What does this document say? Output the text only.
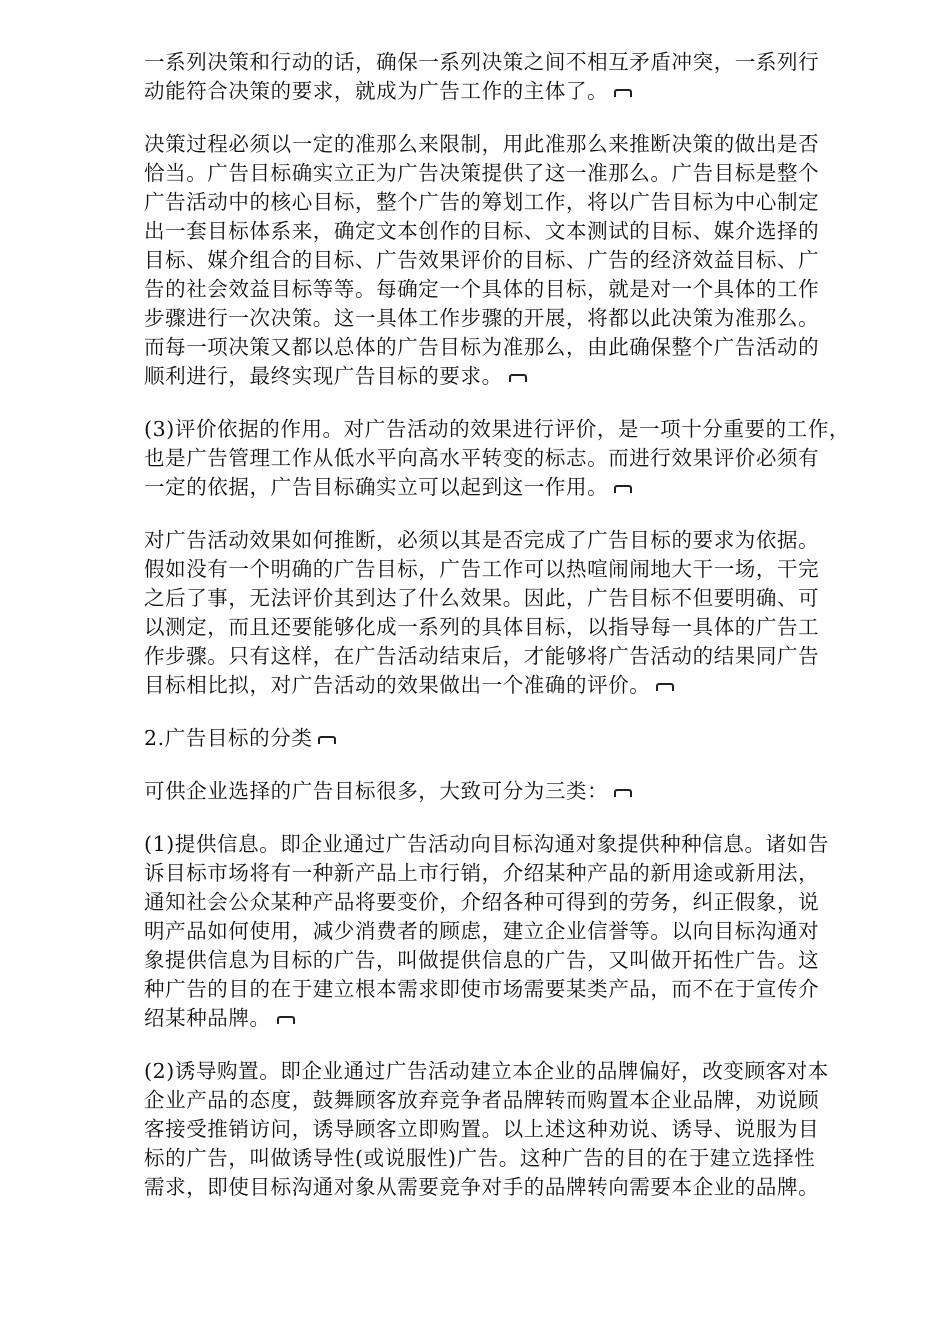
一系列决策和行动的话，确保一系列决策之间不相互矛盾冲突，一系列行
动能符合决策的要求，就成为广告工作的主体了。

决策过程必须以一定的准那么来限制，用此准那么来推断决策的做出是否
恰当。广告目标确实立正为广告决策提供了这一准那么。广告目标是整个
广告活动中的核心目标，整个广告的筹划工作，将以广告目标为中心制定
出一套目标体系来，确定文本创作的目标、文本测试的目标、媒介选择的
目标、媒介组合的目标、广告效果评价的目标、广告的经济效益目标、广
告的社会效益目标等等。每确定一个具体的目标，就是对一个具体的工作
步骤进行一次决策。这一具体工作步骤的开展，将都以此决策为准那么。
而每一项决策又都以总体的广告目标为准那么，由此确保整个广告活动的
顺利进行，最终实现广告目标的要求。

(3)评价依据的作用。对广告活动的效果进行评价，是一项十分重要的工作，
也是广告管理工作从低水平向高水平转变的标志。而进行效果评价必须有
一定的依据，广告目标确实立可以起到这一作用。

对广告活动效果如何推断，必须以其是否完成了广告目标的要求为依据。
假如没有一个明确的广告目标，广告工作可以热喧闹闹地大干一场，干完
之后了事，无法评价其到达了什么效果。因此，广告目标不但要明确、可
以测定，而且还要能够化成一系列的具体目标，以指导每一具体的广告工
作步骤。只有这样，在广告活动结束后，才能够将广告活动的结果同广告
目标相比拟，对广告活动的效果做出一个准确的评价。

2.广告目标的分类

可供企业选择的广告目标很多，大致可分为三类：

(1)提供信息。即企业通过广告活动向目标沟通对象提供种种信息。诸如告
诉目标市场将有一种新产品上市行销，介绍某种产品的新用途或新用法，
通知社会公众某种产品将要变价，介绍各种可得到的劳务，纠正假象，说
明产品如何使用，减少消费者的顾虑，建立企业信誉等。以向目标沟通对
象提供信息为目标的广告，叫做提供信息的广告，又叫做开拓性广告。这
种广告的目的在于建立根本需求即使市场需要某类产品，而不在于宣传介
绍某种品牌。

(2)诱导购置。即企业通过广告活动建立本企业的品牌偏好，改变顾客对本
企业产品的态度，鼓舞顾客放弃竞争者品牌转而购置本企业品牌，劝说顾
客接受推销访问，诱导顾客立即购置。以上述这种劝说、诱导、说服为目
标的广告，叫做诱导性(或说服性)广告。这种广告的目的在于建立选择性
需求，即使目标沟通对象从需要竞争对手的品牌转向需要本企业的品牌。
